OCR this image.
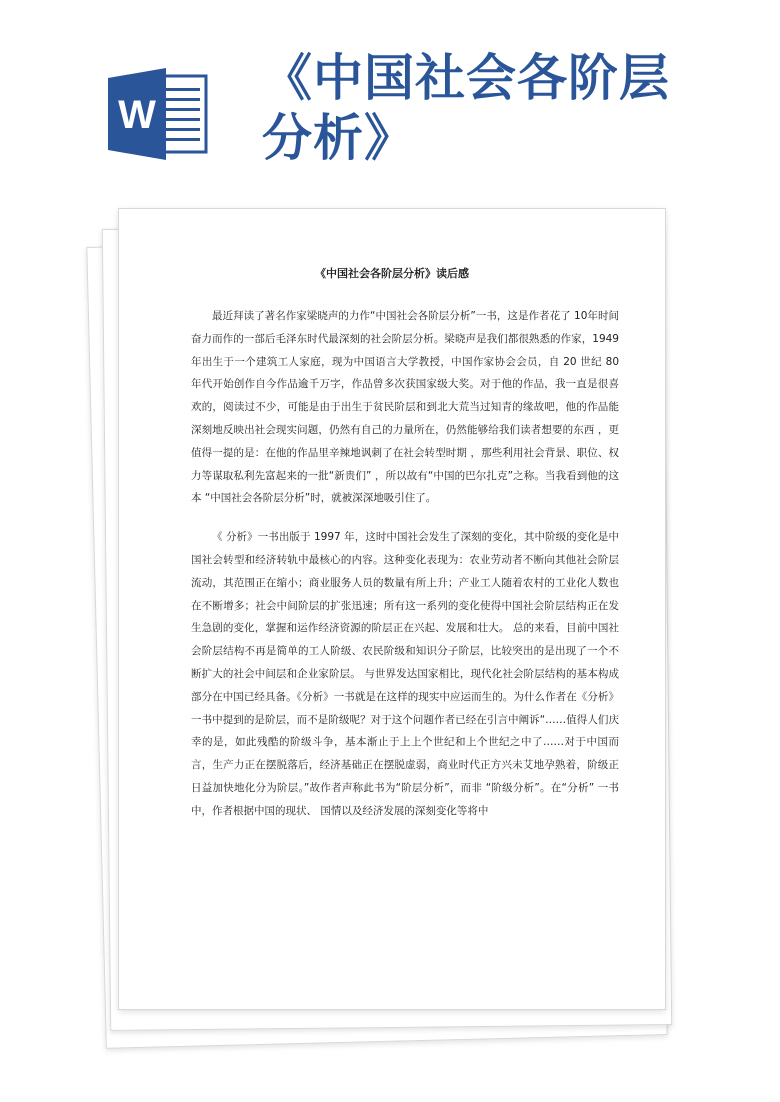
W
《中国社会各阶层
分析》
《中国社会各阶层分析》读后感

最近拜读了著名作家梁晓声的力作“中国社会各阶层分析”一书，这是作者花了 10年时间奋力而作的一部后毛泽东时代最深刻的社会阶层分析。梁晓声是我们都很熟悉的作家，1949 年出生于一个建筑工人家庭，现为中国语言大学教授，中国作家协会会员，自 20 世纪 80 年代开始创作自今作品逾千万字，作品曾多次获国家级大奖。对于他的作品，我一直是很喜欢的，阅读过不少，可能是由于出生于贫民阶层和到北大荒当过知青的缘故吧，他的作品能深刻地反映出社会现实问题，仍然有自己的力量所在，仍然能够给我们读者想要的东西 ，更值得一提的是：在他的作品里辛辣地讽刺了在社会转型时期 ，那些利用社会背景、职位、权力等谋取私利先富起来的一批“新贵们” ，所以故有“中国的巴尔扎克”之称。当我看到他的这本 “中国社会各阶层分析”时，就被深深地吸引住了。

《 分析》一书出版于 1997 年，这时中国社会发生了深刻的变化，其中阶级的变化是中国社会转型和经济转轨中最核心的内容。这种变化表现为：农业劳动者不断向其他社会阶层流动，其范围正在缩小；商业服务人员的数量有所上升；产业工人随着农村的工业化人数也在不断增多；社会中间阶层的扩张迅速；所有这一系列的变化使得中国社会阶层结构正在发生急剧的变化，掌握和运作经济资源的阶层正在兴起、发展和壮大。 总的来看，目前中国社会阶层结构不再是简单的工人阶级、农民阶级和知识分子阶层，比较突出的是出现了一个不断扩大的社会中间层和企业家阶层。 与世界发达国家相比，现代化社会阶层结构的基本构成部分在中国已经具备。《分析》一书就是在这样的现实中应运而生的。为什么作者在《分析》一书中提到的是阶层，而不是阶级呢？对于这个问题作者已经在引言中阐诉“……值得人们庆幸的是，如此残酷的阶级斗争，基本渐止于上上个世纪和上个世纪之中了……对于中国而言，生产力正在摆脱落后，经济基础正在摆脱虚弱，商业时代正方兴未艾地孕熟着，阶级正日益加快地化分为阶层。”故作者声称此书为“阶层分析”，而非 “阶级分析”。在“分析” 一书中，作者根据中国的现状、 国情以及经济发展的深刻变化等将中
